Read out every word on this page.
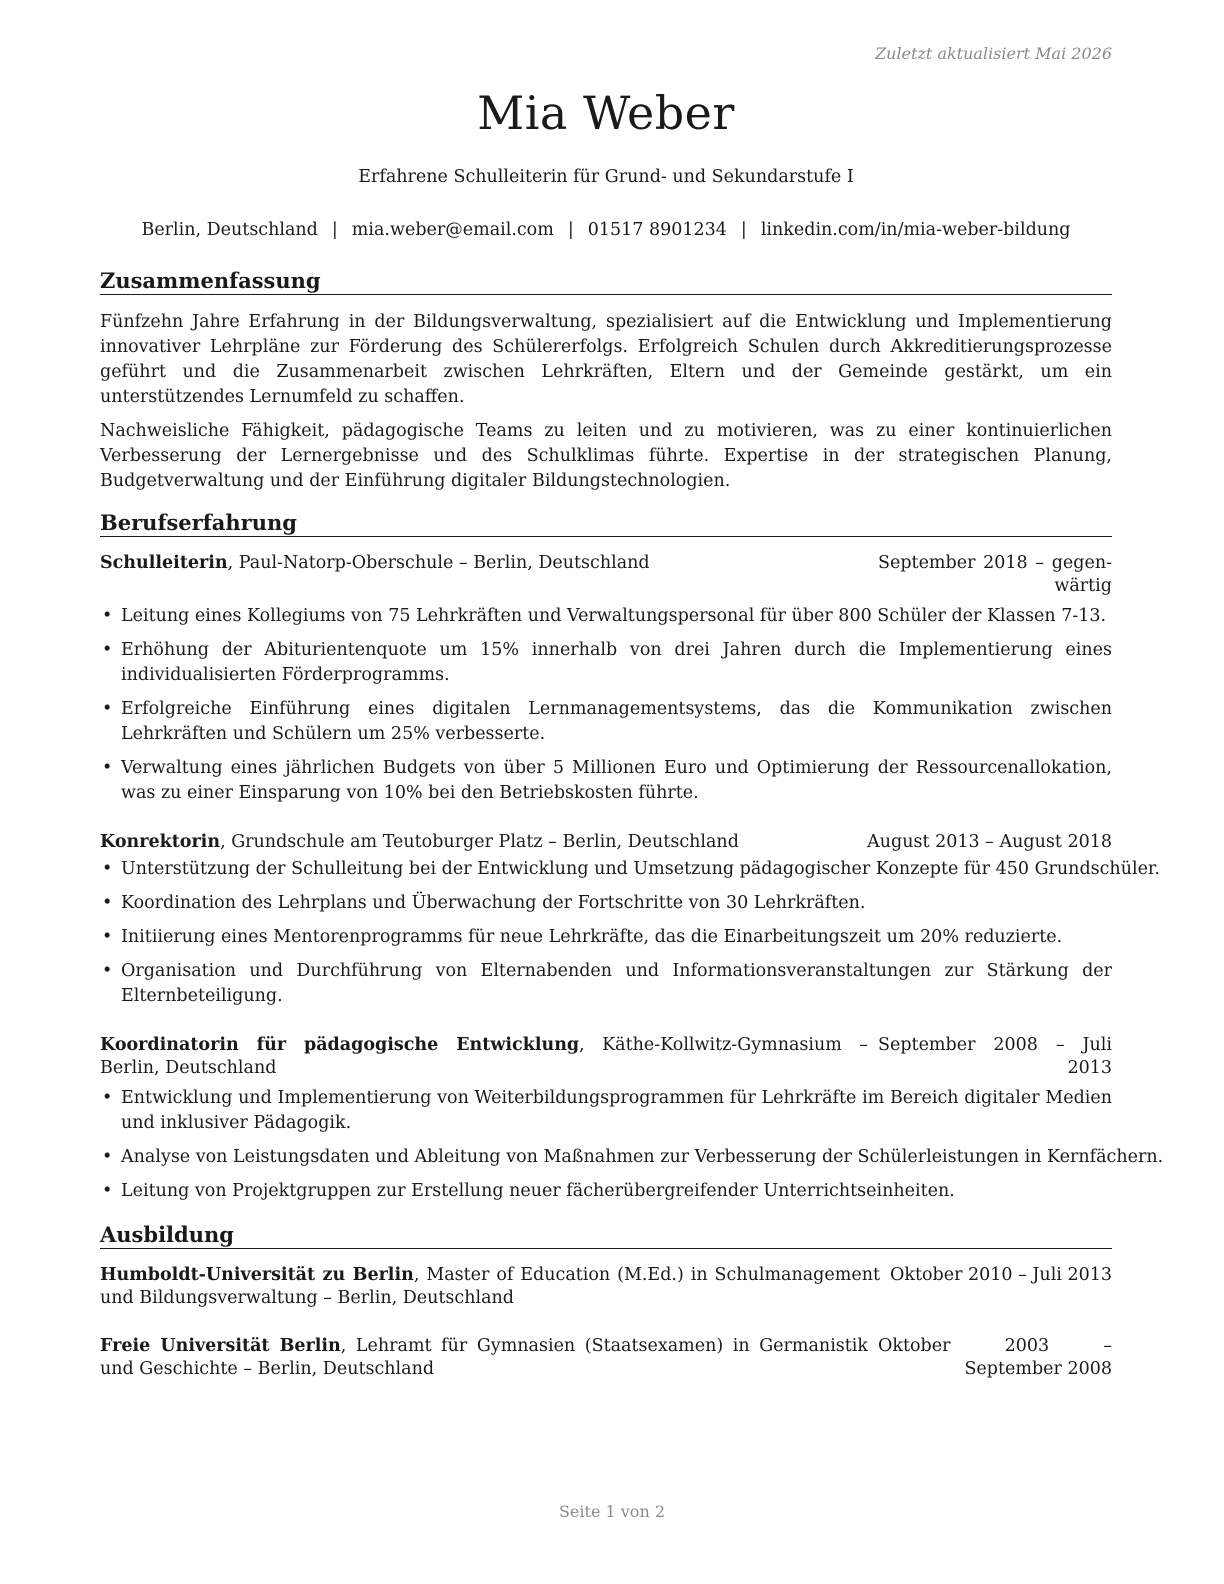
Zuletzt aktualisiert Mai 2026
Mia Weber
Erfahrene Schulleiterin für Grund- und Sekundarstufe I
Berlin, Deutschland | mia.weber@email.com | 01517 8901234 | linkedin.com/in/mia-weber-bildung
Zusammenfassung

Fünfzehn Jahre Erfahrung in der Bildungsverwaltung, spezialisiert auf die Entwicklung und Implementierung innovativer Lehrpläne zur Förderung des Schülererfolgs. Erfolgreich Schulen durch Akkreditierungsprozesse geführt und die Zusammenarbeit zwischen Lehrkräften, Eltern und der Gemeinde gestärkt, um ein unterstützendes Lernumfeld zu schaffen.

Nachweisliche Fähigkeit, pädagogische Teams zu leiten und zu motivieren, was zu einer kontinuierlichen Verbesserung der Lernergebnisse und des Schulklimas führte. Expertise in der strategischen Planung, Budgetverwaltung und der Einführung digitaler Bildungstechnologien.

Berufserfahrung
Schulleiterin, Paul-Natorp-Oberschule – Berlin, Deutschland	September 2018 – gegen-wärtig
• Leitung eines Kollegiums von 75 Lehrkräften und Verwaltungspersonal für über 800 Schüler der Klassen 7-13.
• Erhöhung der Abiturientenquote um 15% innerhalb von drei Jahren durch die Implementierung eines individualisierten Förderprogramms.
• Erfolgreiche Einführung eines digitalen Lernmanagementsystems, das die Kommunikation zwischen Lehrkräften und Schülern um 25% verbesserte.
• Verwaltung eines jährlichen Budgets von über 5 Millionen Euro und Optimierung der Ressourcenallokation, was zu einer Einsparung von 10% bei den Betriebskosten führte.
Konrektorin, Grundschule am Teutoburger Platz – Berlin, Deutschland	August 2013 – August 2018
• Unterstützung der Schulleitung bei der Entwicklung und Umsetzung pädagogischer Konzepte für 450 Grundschüler.
• Koordination des Lehrplans und Überwachung der Fortschritte von 30 Lehrkräften.
• Initiierung eines Mentorenprogramms für neue Lehrkräfte, das die Einarbeitungszeit um 20% reduzierte.
• Organisation und Durchführung von Elternabenden und Informationsveranstaltungen zur Stärkung der Elternbeteiligung.
Koordinatorin für pädagogische Entwicklung, Käthe-Kollwitz-Gymnasium – Berlin, Deutschland
September 2008 – Juli 2013
• Entwicklung und Implementierung von Weiterbildungsprogrammen für Lehrkräfte im Bereich digitaler Medien und inklusiver Pädagogik.
• Analyse von Leistungsdaten und Ableitung von Maßnahmen zur Verbesserung der Schülerleistungen in Kernfächern.
• Leitung von Projektgruppen zur Erstellung neuer fächerübergreifender Unterrichtseinheiten.
Ausbildung
Humboldt-Universität zu Berlin, Master of Education (M.Ed.) in Schulmanagement und Bildungsverwaltung – Berlin, Deutschland
Oktober 2010 – Juli 2013
Freie Universität Berlin, Lehramt für Gymnasien (Staatsexamen) in Germanistik und Geschichte – Berlin, Deutschland
Oktober 2003 – September 2008
Seite 1 von 2
